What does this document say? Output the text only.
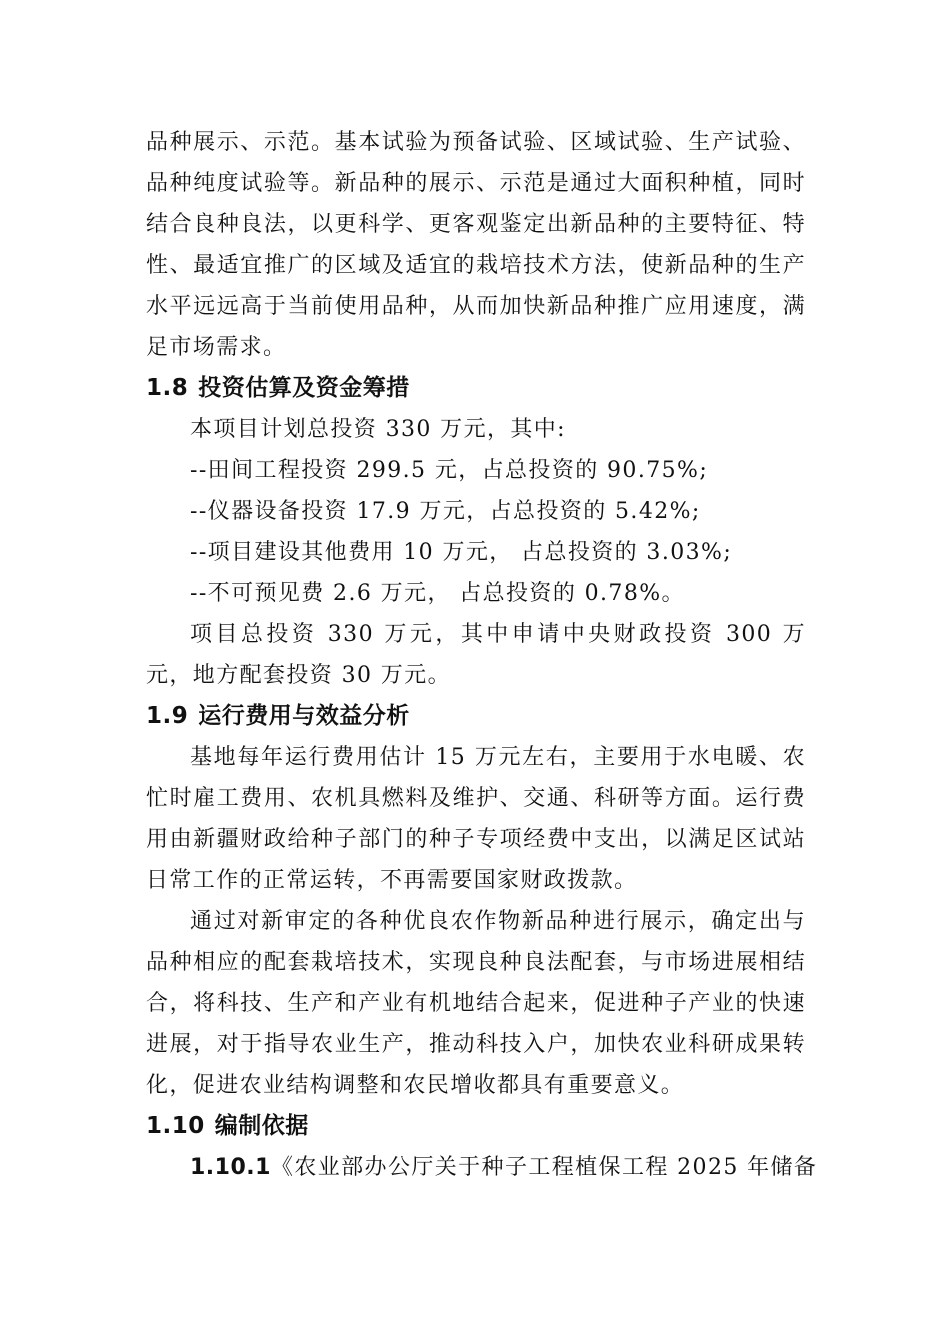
品种展示、示范。基本试验为预备试验、区域试验、生产试验、品种纯度试验等。新品种的展示、示范是通过大面积种植，同时结合良种良法，以更科学、更客观鉴定出新品种的主要特征、特性、最适宜推广的区域及适宜的栽培技术方法，使新品种的生产水平远远高于当前使用品种，从而加快新品种推广应用速度，满足市场需求。

1.8 投资估算及资金筹措

本项目计划总投资 330 万元，其中:

--田间工程投资 299.5 元，占总投资的 90.75%;

--仪器设备投资 17.9 万元，占总投资的 5.42%;

--项目建设其他费用 10 万元， 占总投资的 3.03%;

--不可预见费 2.6 万元， 占总投资的 0.78%。

项目总投资 330 万元，其中申请中央财政投资 300 万元，地方配套投资 30 万元。

1.9 运行费用与效益分析

基地每年运行费用估计 15 万元左右，主要用于水电暖、农忙时雇工费用、农机具燃料及维护、交通、科研等方面。运行费用由新疆财政给种子部门的种子专项经费中支出，以满足区试站日常工作的正常运转，不再需要国家财政拨款。

通过对新审定的各种优良农作物新品种进行展示，确定出与品种相应的配套栽培技术，实现良种良法配套，与市场进展相结合，将科技、生产和产业有机地结合起来，促进种子产业的快速进展，对于指导农业生产，推动科技入户，加快农业科研成果转化，促进农业结构调整和农民增收都具有重要意义。

1.10 编制依据

1.10.1《农业部办公厅关于种子工程植保工程 2025 年储备
